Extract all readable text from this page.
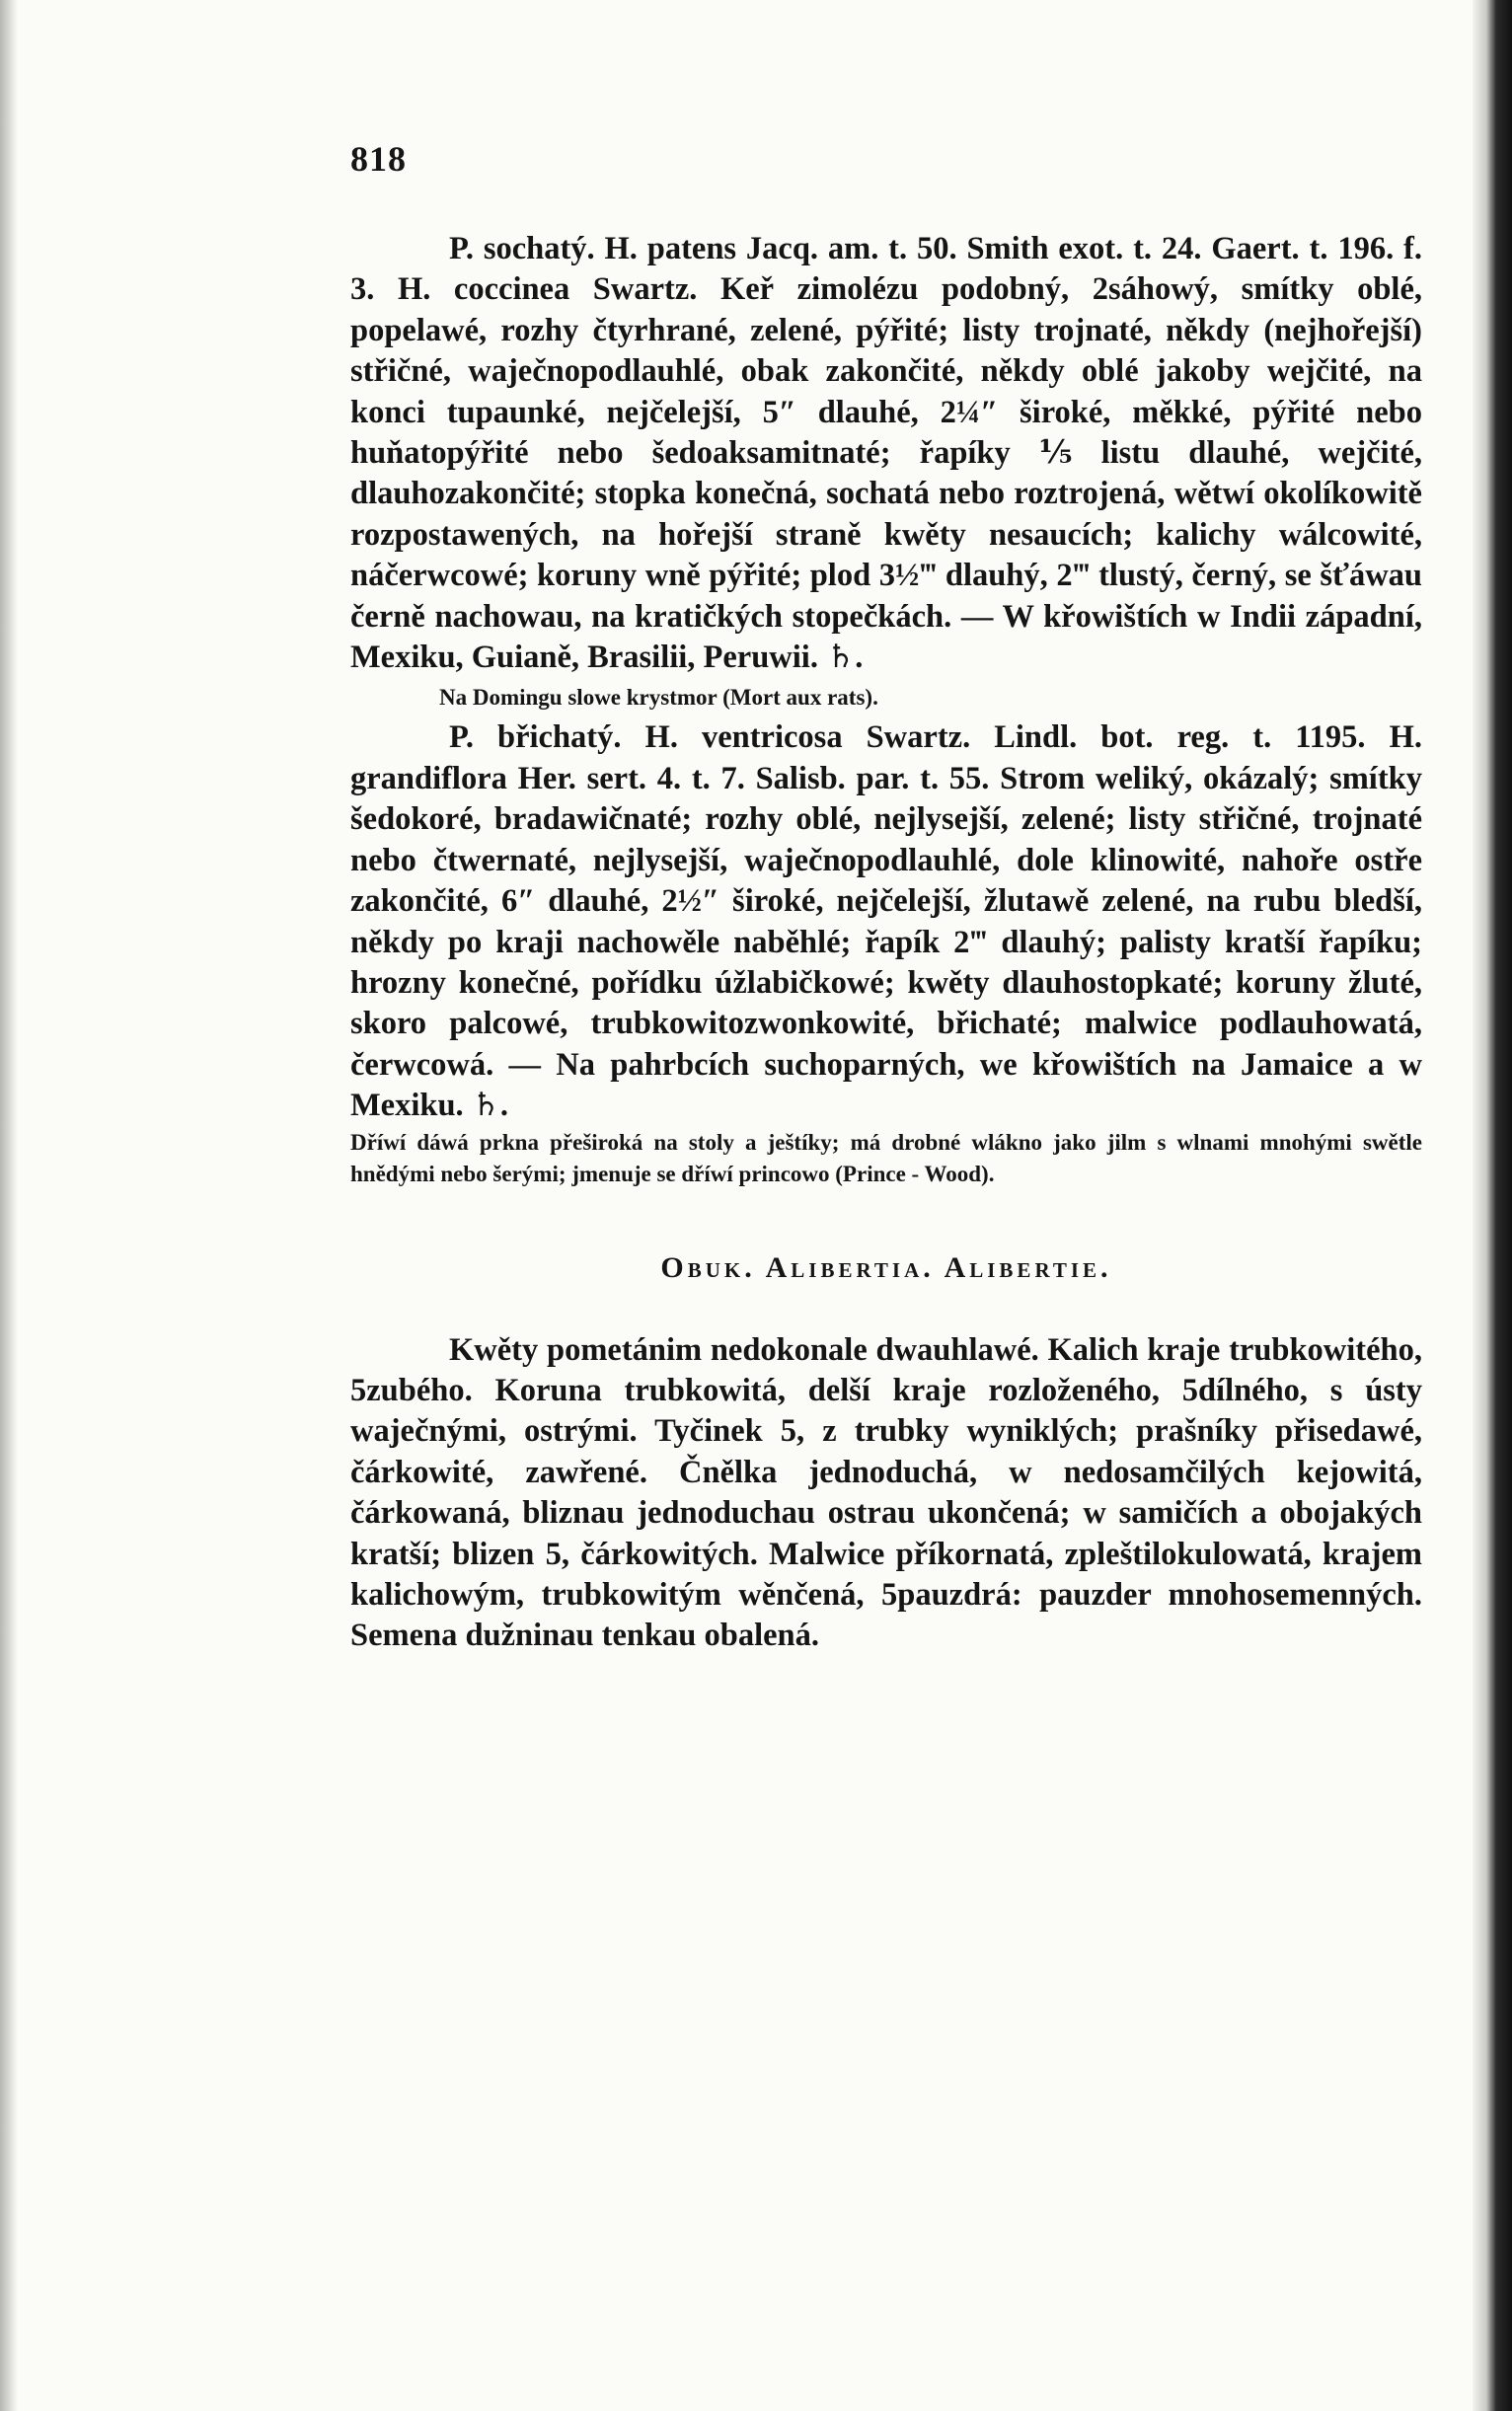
818

P. sochatý. H. patens Jacq. am. t. 50. Smith exot. t. 24. Gaert. t. 196. f. 3. H. coccinea Swartz. Keř zimolézu podobný, 2sáhowý, smítky oblé, popelawé, rozhy čtyrhrané, zelené, pýřité; listy trojnaté, někdy (nejhořejší) střičné, waječnopodlauhlé, obak zakončité, někdy oblé jakoby wejčité, na konci tupaunké, nejčelejší, 5″ dlauhé, 2¼″ široké, měkké, pýřité nebo huňatopýřité nebo šedoaksamitnaté; řapíky ⅕ listu dlauhé, wejčité, dlauhozakončité; stopka konečná, sochatá nebo roztrojená, wětwí okolíkowitě rozpostawených, na hořejší straně kwěty nesaucích; kalichy wálcowité, náčerwcowé; koruny wně pýřité; plod 3½‴ dlauhý, 2‴ tlustý, černý, se šťáwau černě nachowau, na kratičkých stopečkách. — W křowištích w Indii západní, Mexiku, Guianě, Brasilii, Peruwii. ♄.

Na Domingu slowe krystmor (Mort aux rats).

P. břichatý. H. ventricosa Swartz. Lindl. bot. reg. t. 1195. H. grandiflora Her. sert. 4. t. 7. Salisb. par. t. 55. Strom weliký, okázalý; smítky šedokoré, bradawičnaté; rozhy oblé, nejlysejší, zelené; listy střičné, trojnaté nebo čtwernaté, nejlysejší, waječnopodlauhlé, dole klinowité, nahoře ostře zakončité, 6″ dlauhé, 2½″ široké, nejčelejší, žlutawě zelené, na rubu bledší, někdy po kraji nachowěle naběhlé; řapík 2‴ dlauhý; palisty kratší řapíku; hrozny konečné, pořídku úžlabičkowé; kwěty dlauhostopkaté; koruny žluté, skoro palcowé, trubkowitozwonkowité, břichaté; malwice podlauhowatá, čerwcowá. — Na pahrbcích suchoparných, we křowištích na Jamaice a w Mexiku. ♄.

Dříwí dáwá prkna přeširoká na stoly a ještíky; má drobné wlákno jako jilm s wlnami mnohými swětle hnědými nebo šerými; jmenuje se dříwí princowo (Prince - Wood).

Obuk. Alibertia. Alibertie.

Kwěty pometánim nedokonale dwauhlawé. Kalich kraje trubkowitého, 5zubého. Koruna trubkowitá, delší kraje rozloženého, 5dílného, s ústy waječnými, ostrými. Tyčinek 5, z trubky wyniklých; prašníky přisedawé, čárkowité, zawřené. Čnělka jednoduchá, w nedosamčilých kejowitá, čárkowaná, bliznau jednoduchau ostrau ukončená; w samičích a obojakých kratší; blizen 5, čárkowitých. Malwice příkornatá, zpleštilokulowatá, krajem kalichowým, trubkowitým wěnčená, 5pauzdrá: pauzder mnohosemenných. Semena dužninau tenkau obalená.
